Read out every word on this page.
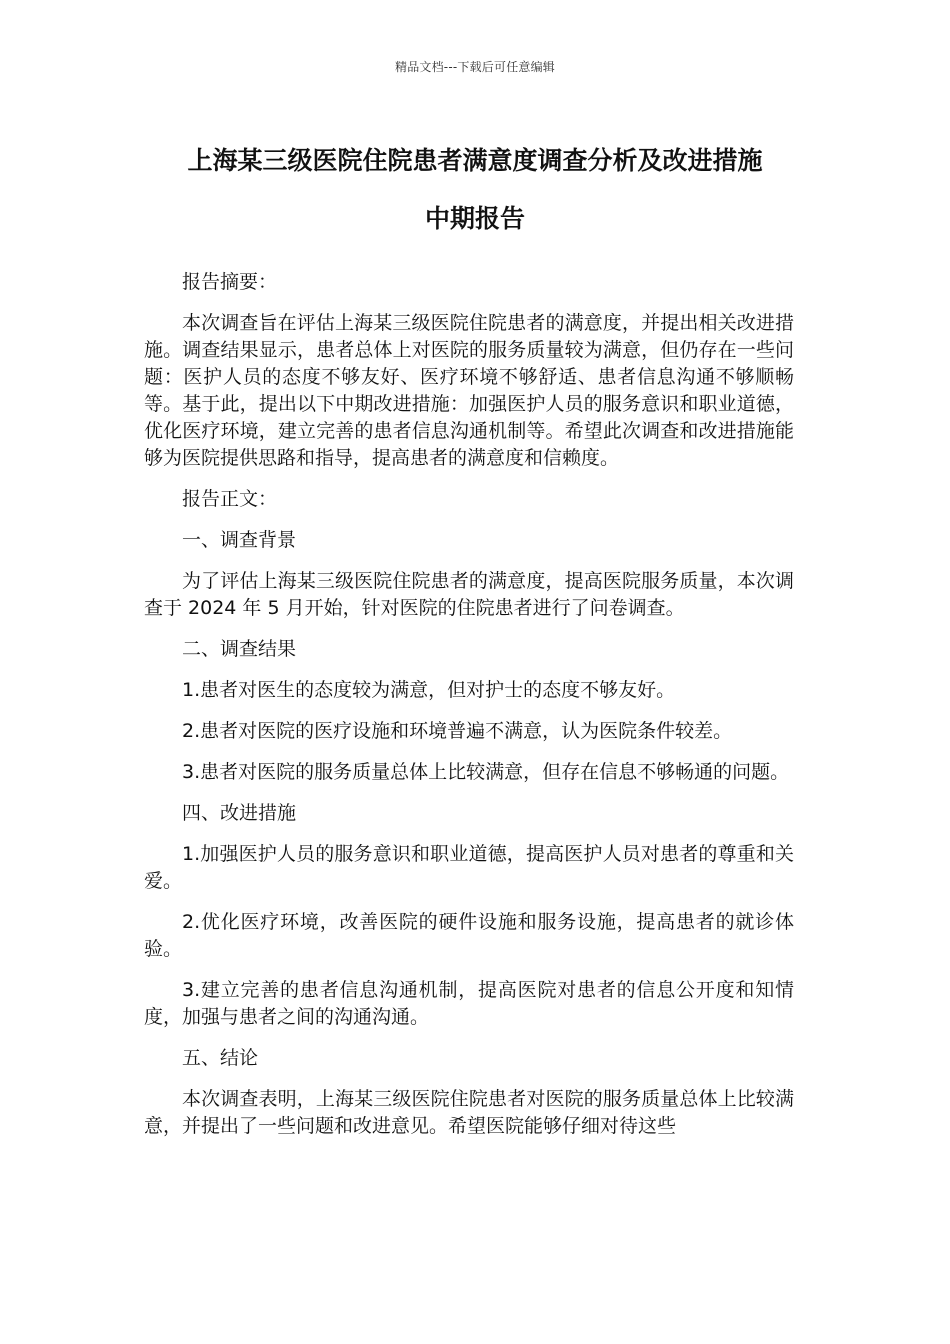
精品文档---下载后可任意编辑
上海某三级医院住院患者满意度调查分析及改进措施
中期报告

报告摘要：

本次调查旨在评估上海某三级医院住院患者的满意度，并提出相关改进措施。调查结果显示，患者总体上对医院的服务质量较为满意，但仍存在一些问题：医护人员的态度不够友好、医疗环境不够舒适、患者信息沟通不够顺畅等。基于此，提出以下中期改进措施：加强医护人员的服务意识和职业道德，优化医疗环境，建立完善的患者信息沟通机制等。希望此次调查和改进措施能够为医院提供思路和指导，提高患者的满意度和信赖度。

报告正文：

一、调查背景

为了评估上海某三级医院住院患者的满意度，提高医院服务质量，本次调查于 2024 年 5 月开始，针对医院的住院患者进行了问卷调查。

二、调查结果

1.患者对医生的态度较为满意，但对护士的态度不够友好。

2.患者对医院的医疗设施和环境普遍不满意，认为医院条件较差。

3.患者对医院的服务质量总体上比较满意，但存在信息不够畅通的问题。

四、改进措施

1.加强医护人员的服务意识和职业道德，提高医护人员对患者的尊重和关爱。

2.优化医疗环境，改善医院的硬件设施和服务设施，提高患者的就诊体验。

3.建立完善的患者信息沟通机制，提高医院对患者的信息公开度和知情度，加强与患者之间的沟通沟通。

五、结论

本次调查表明，上海某三级医院住院患者对医院的服务质量总体上比较满意，并提出了一些问题和改进意见。希望医院能够仔细对待这些
